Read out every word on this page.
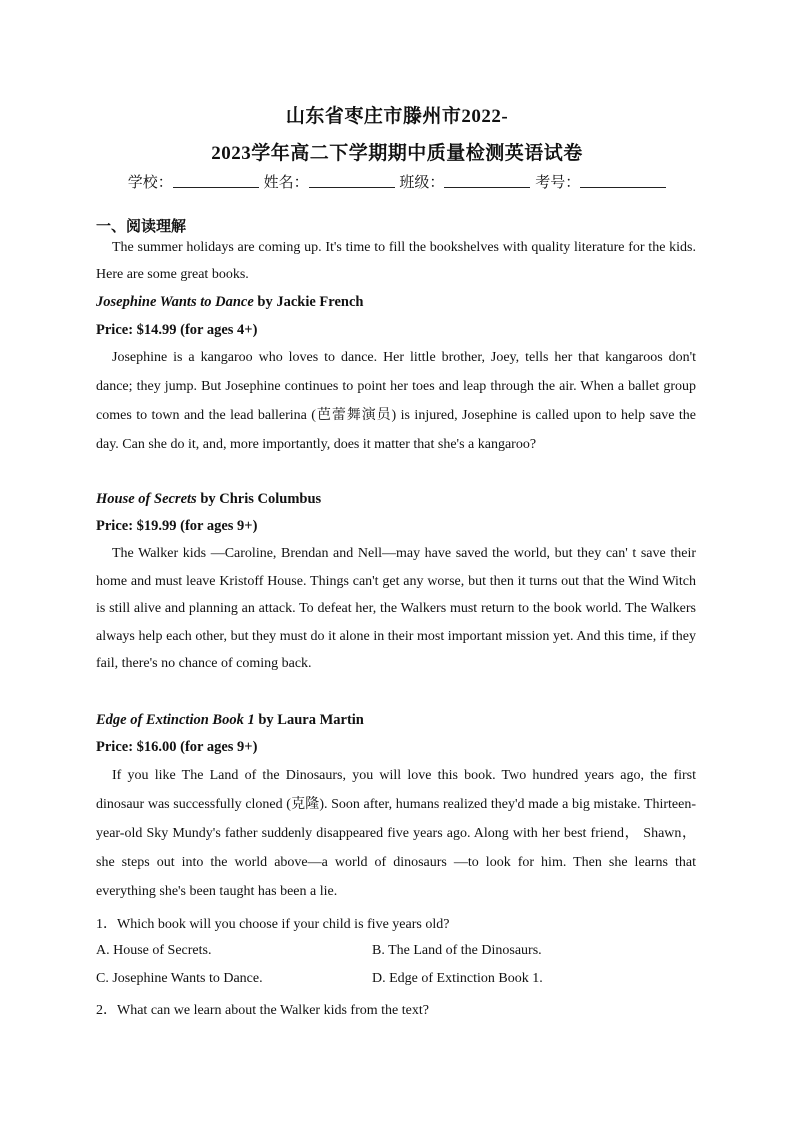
山东省枣庄市滕州市2022-
2023学年高二下学期期中质量检测英语试卷
学校：	姓名：	班级：	考号：
一、阅读理解

The summer holidays are coming up. It's time to fill the bookshelves with quality literature for the kids. Here are some great books.

Josephine Wants to Dance by Jackie French

Price: $14.99 (for ages 4+)

Josephine is a kangaroo who loves to dance. Her little brother, Joey, tells her that kangaroos don't dance; they jump. But Josephine continues to point her toes and leap through the air. When a ballet group comes to town and the lead ballerina (芭蕾舞演员) is injured, Josephine is called upon to help save the day. Can she do it, and, more importantly, does it matter that she's a kangaroo?

House of Secrets by Chris Columbus

Price: $19.99 (for ages 9+)

The Walker kids —Caroline, Brendan and Nell—may have saved the world, but they can' t save their home and must leave Kristoff House. Things can't get any worse, but then it turns out that the Wind Witch is still alive and planning an attack. To defeat her, the Walkers must return to the book world. The Walkers always help each other, but they must do it alone in their most important mission yet. And this time, if they fail, there's no chance of coming back.

Edge of Extinction Book 1 by Laura Martin

Price: $16.00 (for ages 9+)

If you like The Land of the Dinosaurs, you will love this book. Two hundred years ago, the first dinosaur was successfully cloned (克隆). Soon after, humans realized they'd made a big mistake. Thirteen-year-old Sky Mundy's father suddenly disappeared five years ago. Along with her best friend， Shawn， she steps out into the world above—a world of dinosaurs —to look for him. Then she learns that everything she's been taught has been a lie.

1．Which book will you choose if your child is five years old?

A. House of Secrets.	B. The Land of the Dinosaurs.

C. Josephine Wants to Dance.	D. Edge of Extinction Book 1.

2．What can we learn about the Walker kids from the text?
